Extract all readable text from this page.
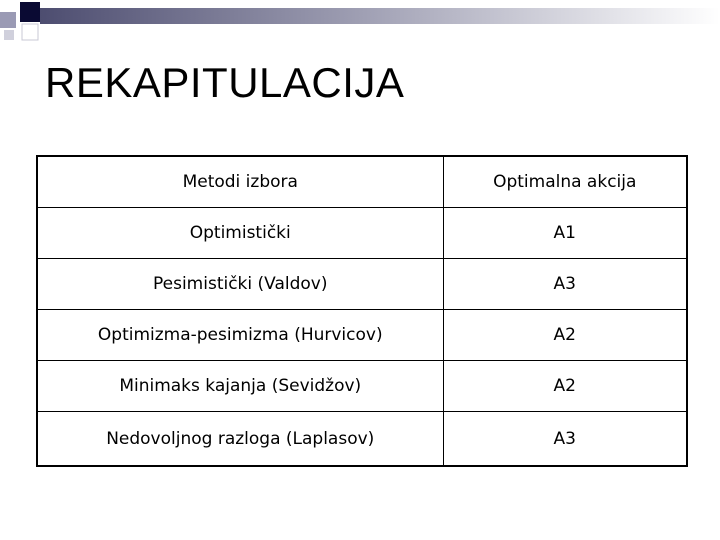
REKAPITULACIJA
Metodi izbora	Optimalna akcija
Optimistički	A1
Pesimistički (Valdov)	A3
Optimizma-pesimizma (Hurvicov)	A2
Minimaks kajanja (Sevidžov)	A2
Nedovoljnog razloga (Laplasov)	A3
